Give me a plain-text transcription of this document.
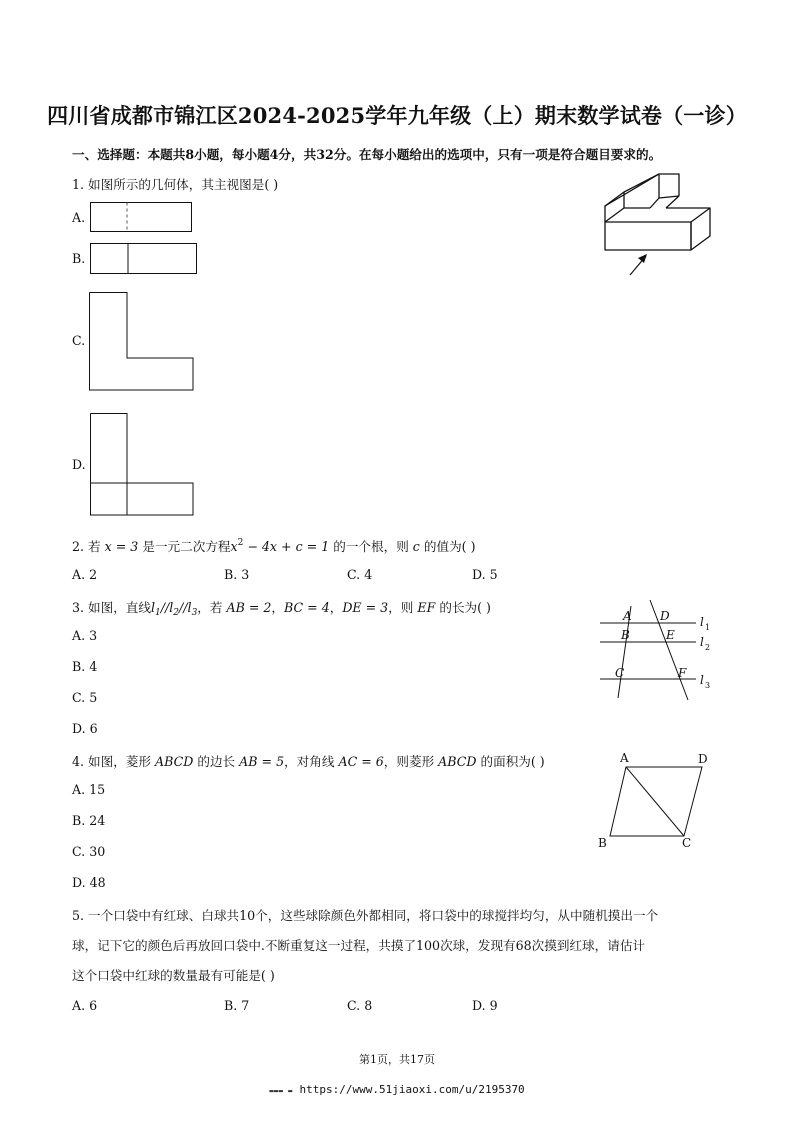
四川省成都市锦江区2024-2025学年九年级（上）期末数学试卷（一诊）
一、选择题：本题共8小题，每小题4分，共32分。在每小题给出的选项中，只有一项是符合题目要求的。
1. 如图所示的几何体，其主视图是( )
A.
B.
C.
D.
2. 若 x = 3 是一元二次方程$x^2 - 4x + c = 1$ 的一个根，则 c 的值为( )
A. 2	B. 3	C. 4	D. 5
3. 如图，直线$l_1//l_2//l_3$，若 AB = 2，BC = 4，DE = 3，则 EF 的长为( )
A. 3
B. 4
C. 5
D. 6
A D
B	E
C	F
l 1
l 2
l 3
4. 如图，菱形 ABCD 的边长 AB = 5，对角线 AC = 6，则菱形 ABCD 的面积为( )
A. 15
B. 24
C. 30
D. 48
A	D
B	C
5. 一个口袋中有红球、白球共10个，这些球除颜色外都相同，将口袋中的球搅拌均匀，从中随机摸出一个
球，记下它的颜色后再放回口袋中.不断重复这一过程，共摸了100次球，发现有68次摸到红球，请估计
这个口袋中红球的数量最有可能是( )
A. 6	B. 7	C. 8	D. 9
第1页，共17页
▬▬▬ ▬ https://www.51jiaoxi.com/u/2195370
